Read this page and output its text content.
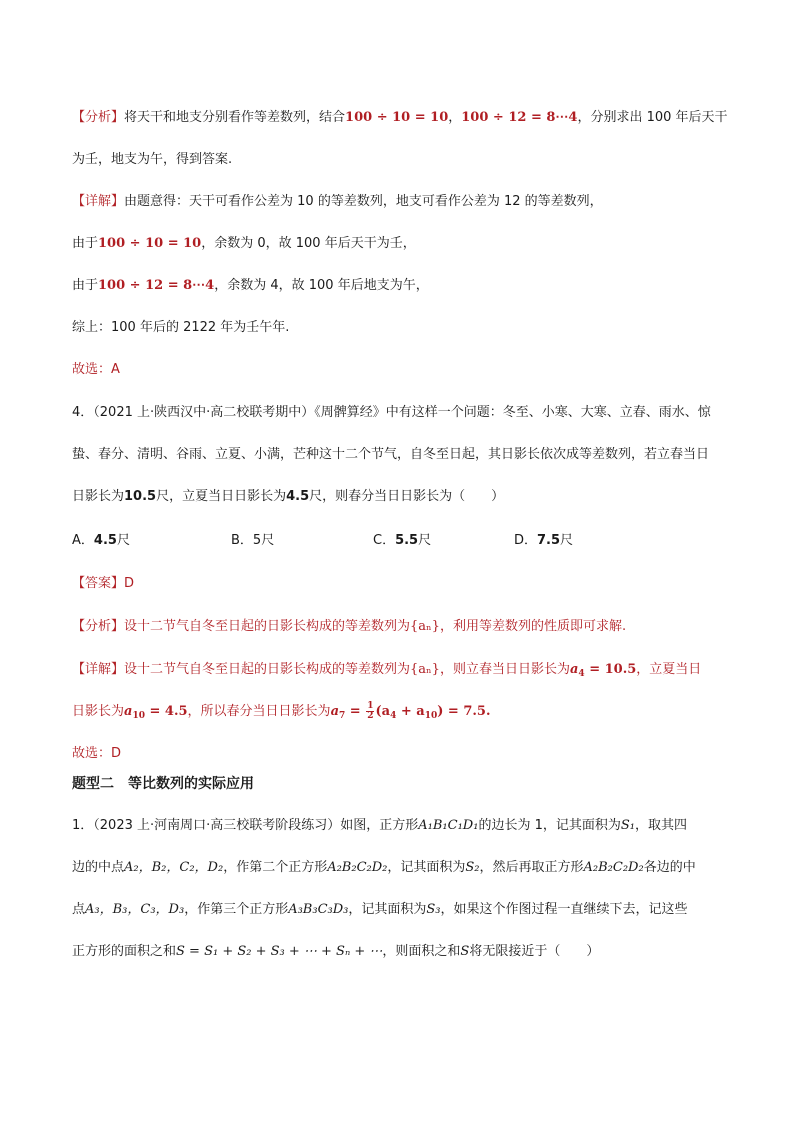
【分析】将天干和地支分别看作等差数列，结合100 ÷ 10 = 10，100 ÷ 12 = 8⋯4，分别求出 100 年后天干
为壬，地支为午，得到答案.
【详解】由题意得：天干可看作公差为 10 的等差数列，地支可看作公差为 12 的等差数列，
由于100 ÷ 10 = 10，余数为 0，故 100 年后天干为壬，
由于100 ÷ 12 = 8⋯4，余数为 4，故 100 年后地支为午，
综上：100 年后的 2122 年为壬午年.
故选：A
4．（2021 上·陕西汉中·高二校联考期中）《周髀算经》中有这样一个问题：冬至、小寒、大寒、立春、雨水、惊
蛰、春分、清明、谷雨、立夏、小满，芒种这十二个节气，自冬至日起，其日影长依次成等差数列，若立春当日
日影长为10.5尺，立夏当日日影长为4.5尺，则春分当日日影长为（　　）
A．4.5尺	B．5尺	C．5.5尺	D．7.5尺
【答案】D
【分析】设十二节气自冬至日起的日影长构成的等差数列为{aₙ}，利用等差数列的性质即可求解.
【详解】设十二节气自冬至日起的日影长构成的等差数列为{aₙ}，则立春当日日影长为$a_4 = 10.5$，立夏当日
日影长为$a_{10} = 4.5$，所以春分当日日影长为$a_7 = \frac{1}{2} (a_4 + a_{10}) = 7.5$.
故选：D
题型二　等比数列的实际应用
1．（2023 上·河南周口·高三校联考阶段练习）如图，正方形A₁B₁C₁D₁的边长为 1，记其面积为S₁，取其四
边的中点A₂，B₂，C₂，D₂，作第二个正方形A₂B₂C₂D₂，记其面积为S₂，然后再取正方形A₂B₂C₂D₂各边的中
点A₃，B₃，C₃，D₃，作第三个正方形A₃B₃C₃D₃，记其面积为S₃，如果这个作图过程一直继续下去，记这些
正方形的面积之和S = S₁ + S₂ + S₃ + ⋯ + Sₙ + ⋯，则面积之和S将无限接近于（　　）
